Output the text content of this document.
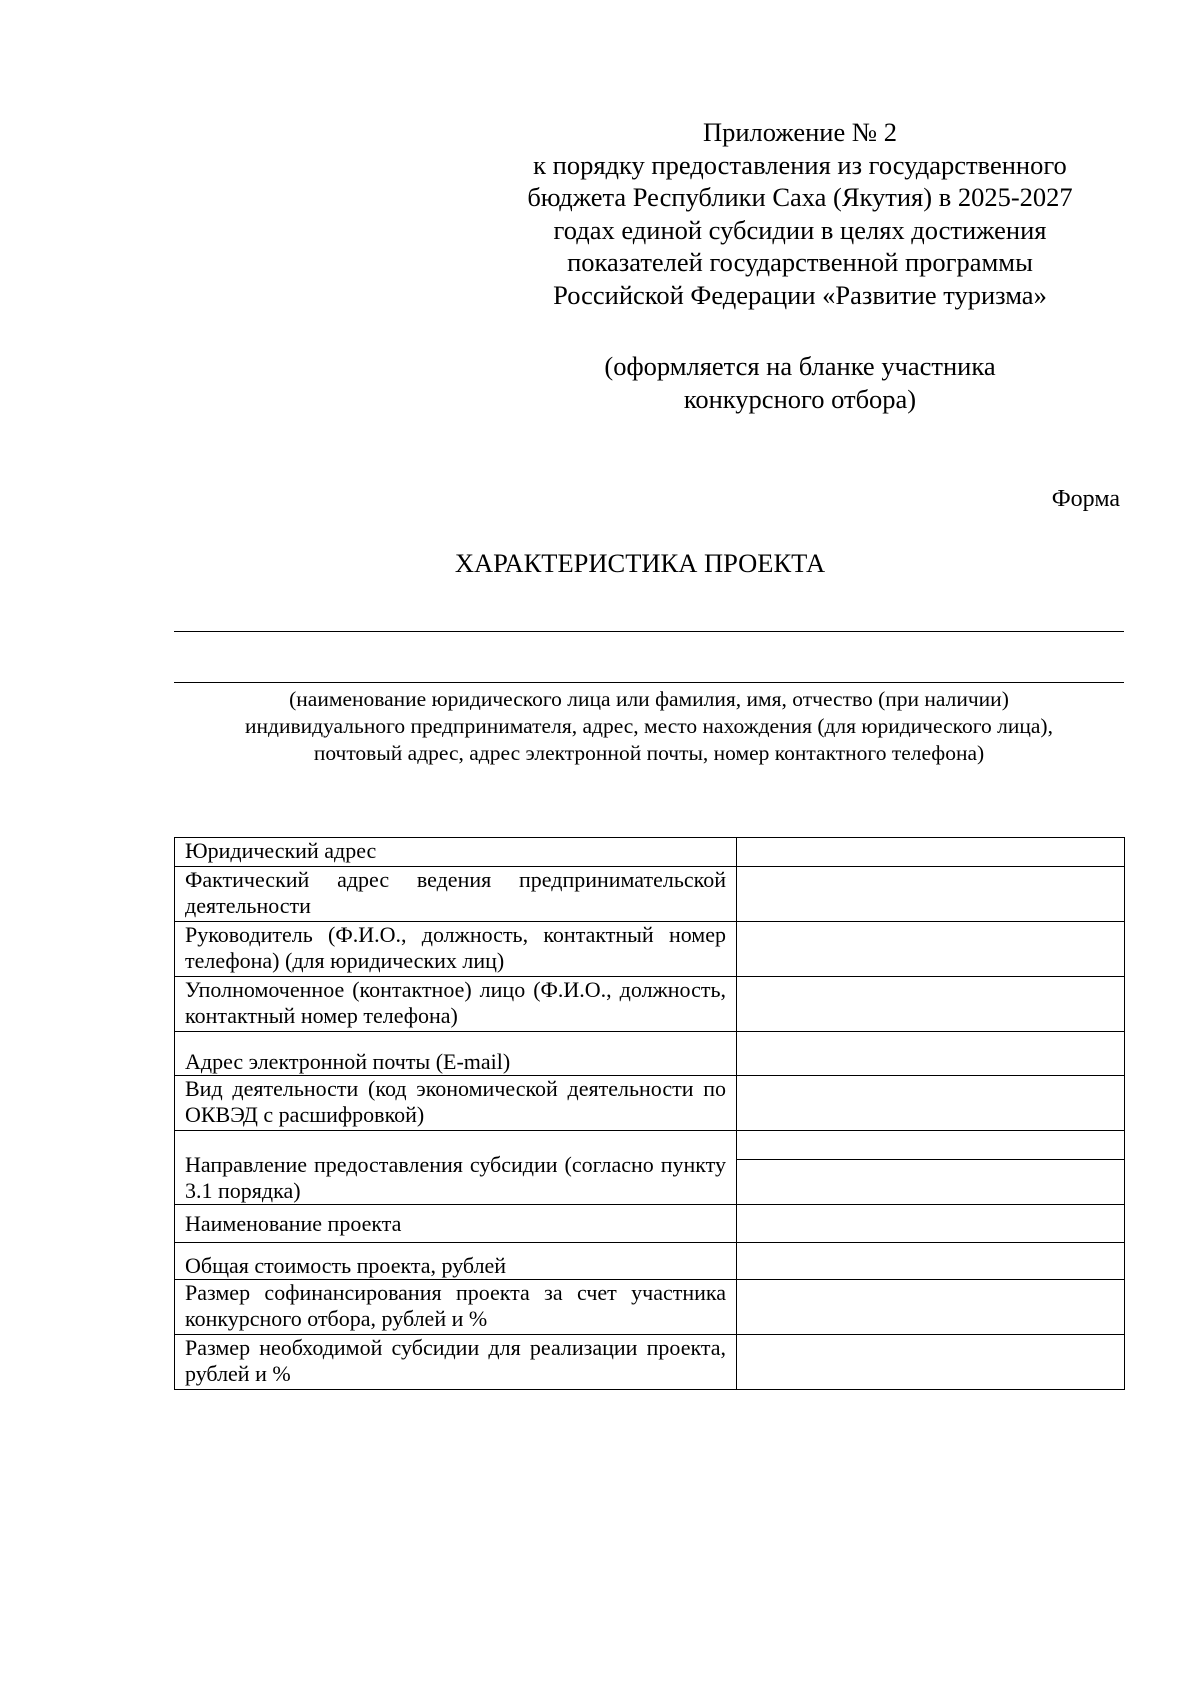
Приложение № 2
к порядку предоставления из государственного
бюджета Республики Саха (Якутия) в 2025-2027
годах единой субсидии в целях достижения
показателей государственной программы
Российской Федерации «Развитие туризма»
(оформляется на бланке участника
конкурсного отбора)
Форма
ХАРАКТЕРИСТИКА ПРОЕКТА
(наименование юридического лица или фамилия, имя, отчество (при наличии)
индивидуального предпринимателя, адрес, место нахождения (для юридического лица),
почтовый адрес, адрес электронной почты, номер контактного телефона)
Юридический адрес	
Фактический адрес ведения предпринимательской деятельности	
Руководитель (Ф.И.О., должность, контактный номер телефона) (для юридических лиц)	
Уполномоченное (контактное) лицо (Ф.И.О., должность, контактный номер телефона)	
Адрес электронной почты (E-mail)	
Вид деятельности (код экономической деятельности по ОКВЭД с расшифровкой)	
Направление предоставления субсидии (согласно пункту 3.1 порядка)	

Наименование проекта	
Общая стоимость проекта, рублей	
Размер софинансирования проекта за счет участника конкурсного отбора, рублей и %	
Размер необходимой субсидии для реализации проекта, рублей и %	
